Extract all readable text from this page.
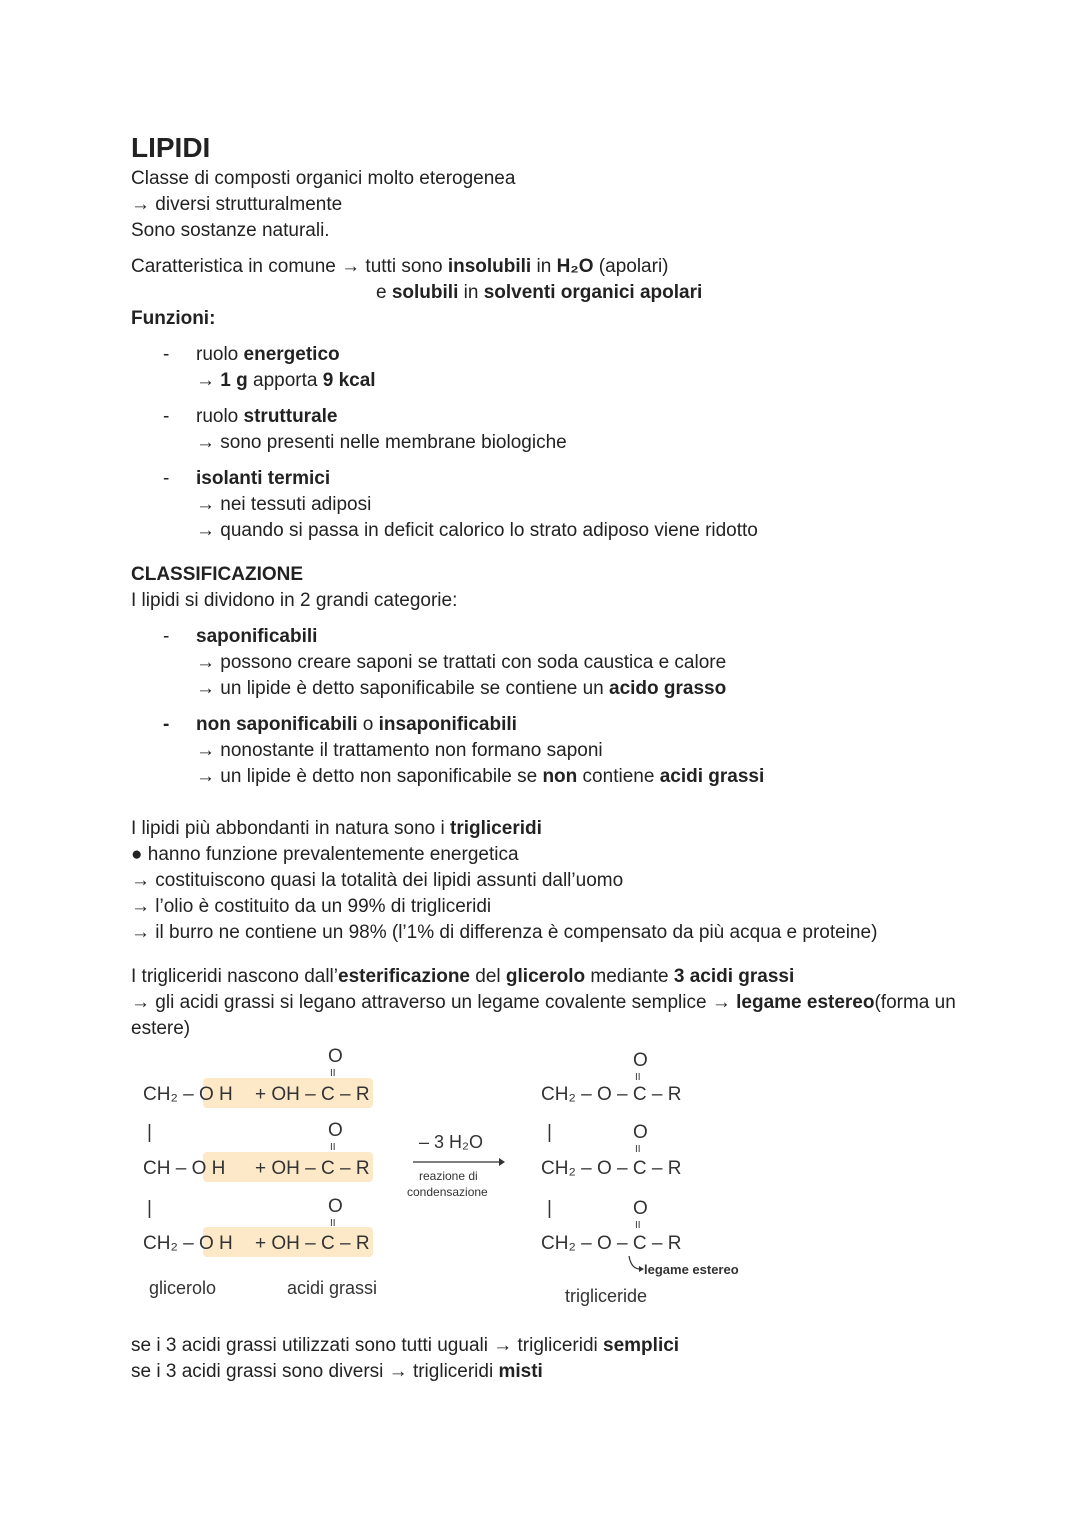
LIPIDI

Classe di composti organici molto eterogenea

→ diversi strutturalmente

Sono sostanze naturali.

Caratteristica in comune → tutti sono insolubili in H₂O (apolari)

e solubili in solventi organici apolari

Funzioni:

-	ruolo energetico

→ 1 g apporta 9 kcal

-	ruolo strutturale

→ sono presenti nelle membrane biologiche

-	isolanti termici

→ nei tessuti adiposi

→ quando si passa in deficit calorico lo strato adiposo viene ridotto

CLASSIFICAZIONE

I lipidi si dividono in 2 grandi categorie:

-	saponificabili

→ possono creare saponi se trattati con soda caustica e calore

→ un lipide è detto saponificabile se contiene un acido grasso

-	non saponificabili o insaponificabili

→ nonostante il trattamento non formano saponi

→ un lipide è detto non saponificabile se non contiene acidi grassi

I lipidi più abbondanti in natura sono i trigliceridi

● hanno funzione prevalentemente energetica

→ costituiscono quasi la totalità dei lipidi assunti dall’uomo

→ l’olio è costituito da un 99% di trigliceridi

→ il burro ne contiene un 98% (l’1% di differenza è compensato da più acqua e proteine)

I trigliceridi nascono dall’esterificazione del glicerolo mediante 3 acidi grassi

→ gli acidi grassi si legano attraverso un legame covalente semplice → legame estereo(forma un

estere)

O
II
CH₂ – O H + OH – C – R
|	O
II
CH – O H + OH – C – R
|	O
II
CH₂ – O H + OH – C – R
glicerolo	acidi grassi
– 3 H₂O
reazione di
condensazione
O
II
CH₂ – O – C – R
|	O
II
CH₂ – O – C – R
|	O
II
CH₂ – O – C – R
legame estereo
trigliceride

se i 3 acidi grassi utilizzati sono tutti uguali → trigliceridi semplici

se i 3 acidi grassi sono diversi → trigliceridi misti
